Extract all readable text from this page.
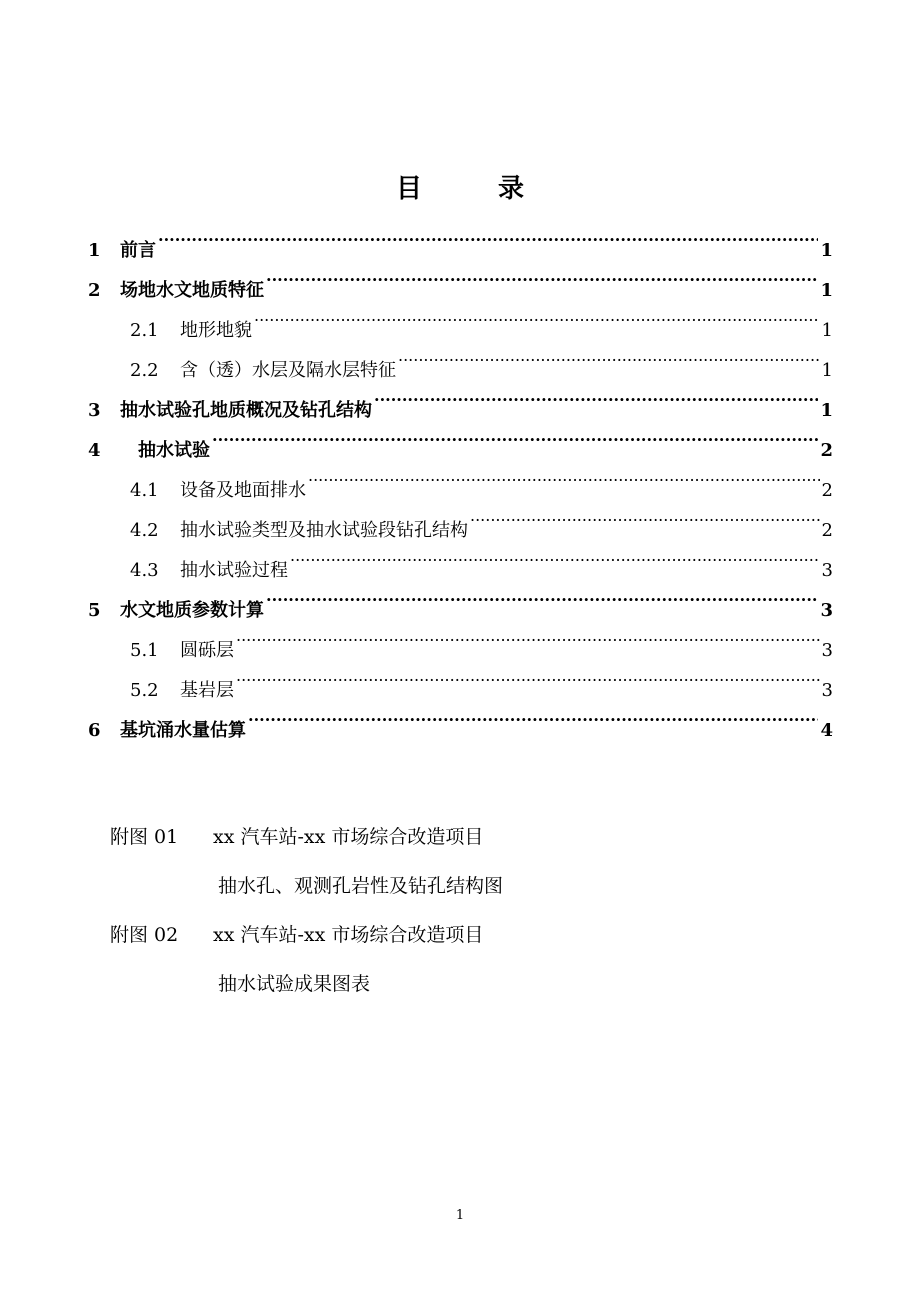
目	录
1	前言 .....	1
2	场地水文地质特征 .....	1
2.1	地形地貌 .....	1
2.2	含（透）水层及隔水层特征 .....	1
3	抽水试验孔地质概况及钻孔结构 .....	1
4	抽水试验 .....	2
4.1	设备及地面排水 .....	2
4.2	抽水试验类型及抽水试验段钻孔结构 .....	2
4.3	抽水试验过程 .....	3
5	水文地质参数计算 .....	3
5.1	圆砾层 .....	3
5.2	基岩层 .....	3
6	基坑涌水量估算 .....	4
附图 01 xx 汽车站-xx 市场综合改造项目
抽水孔、观测孔岩性及钻孔结构图
附图 02 xx 汽车站-xx 市场综合改造项目
抽水试验成果图表
1
